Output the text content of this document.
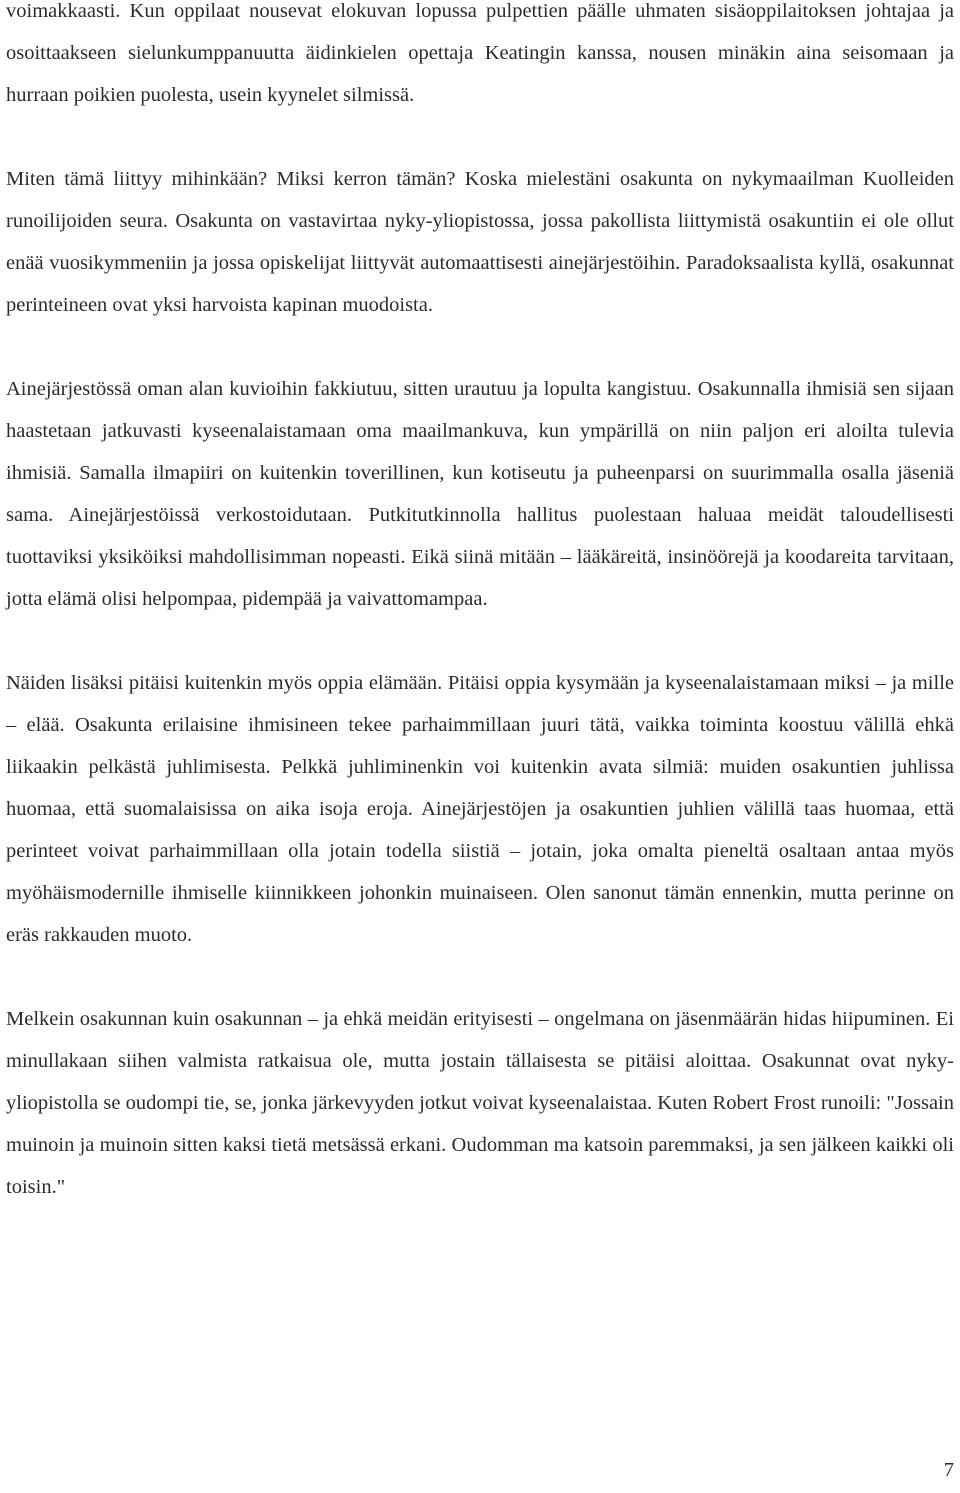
voimakkaasti. Kun oppilaat nousevat elokuvan lopussa pulpettien päälle uhmaten sisäoppilaitoksen johtajaa ja osoittaakseen sielunkumppanuutta äidinkielen opettaja Keatingin kanssa, nousen minäkin aina seisomaan ja hurraan poikien puolesta, usein kyynelet silmissä.

Miten tämä liittyy mihinkään? Miksi kerron tämän? Koska mielestäni osakunta on nykymaailman Kuolleiden runoilijoiden seura. Osakunta on vastavirtaa nyky-yliopistossa, jossa pakollista liittymistä osakuntiin ei ole ollut enää vuosikymmeniin ja jossa opiskelijat liittyvät automaattisesti ainejärjestöihin. Paradoksaalista kyllä, osakunnat perinteineen ovat yksi harvoista kapinan muodoista.

Ainejärjestössä oman alan kuvioihin fakkiutuu, sitten urautuu ja lopulta kangistuu. Osakunnalla ihmisiä sen sijaan haastetaan jatkuvasti kyseenalaistamaan oma maailmankuva, kun ympärillä on niin paljon eri aloilta tulevia ihmisiä. Samalla ilmapiiri on kuitenkin toverillinen, kun kotiseutu ja puheenparsi on suurimmalla osalla jäseniä sama. Ainejärjestöissä verkostoidutaan. Putkitutkinnolla hallitus puolestaan haluaa meidät taloudellisesti tuottaviksi yksiköiksi mahdollisimman nopeasti. Eikä siinä mitään – lääkäreitä, insinöörejä ja koodareita tarvitaan, jotta elämä olisi helpompaa, pidempää ja vaivattomampaa.

Näiden lisäksi pitäisi kuitenkin myös oppia elämään. Pitäisi oppia kysymään ja kyseenalaistamaan miksi – ja mille – elää. Osakunta erilaisine ihmisineen tekee parhaimmillaan juuri tätä, vaikka toiminta koostuu välillä ehkä liikaakin pelkästä juhlimisesta. Pelkkä juhliminenkin voi kuitenkin avata silmiä: muiden osakuntien juhlissa huomaa, että suomalaisissa on aika isoja eroja. Ainejärjestöjen ja osakuntien juhlien välillä taas huomaa, että perinteet voivat parhaimmillaan olla jotain todella siistiä – jotain, joka omalta pieneltä osaltaan antaa myös myöhäismodernille ihmiselle kiinnikkeen johonkin muinaiseen. Olen sanonut tämän ennenkin, mutta perinne on eräs rakkauden muoto.

Melkein osakunnan kuin osakunnan – ja ehkä meidän erityisesti – ongelmana on jäsenmäärän hidas hiipuminen. Ei minullakaan siihen valmista ratkaisua ole, mutta jostain tällaisesta se pitäisi aloittaa. Osakunnat ovat nyky-yliopistolla se oudompi tie, se, jonka järkevyyden jotkut voivat kyseenalaistaa. Kuten Robert Frost runoili: "Jossain muinoin ja muinoin sitten kaksi tietä metsässä erkani. Oudomman ma katsoin paremmaksi, ja sen jälkeen kaikki oli toisin."

7
